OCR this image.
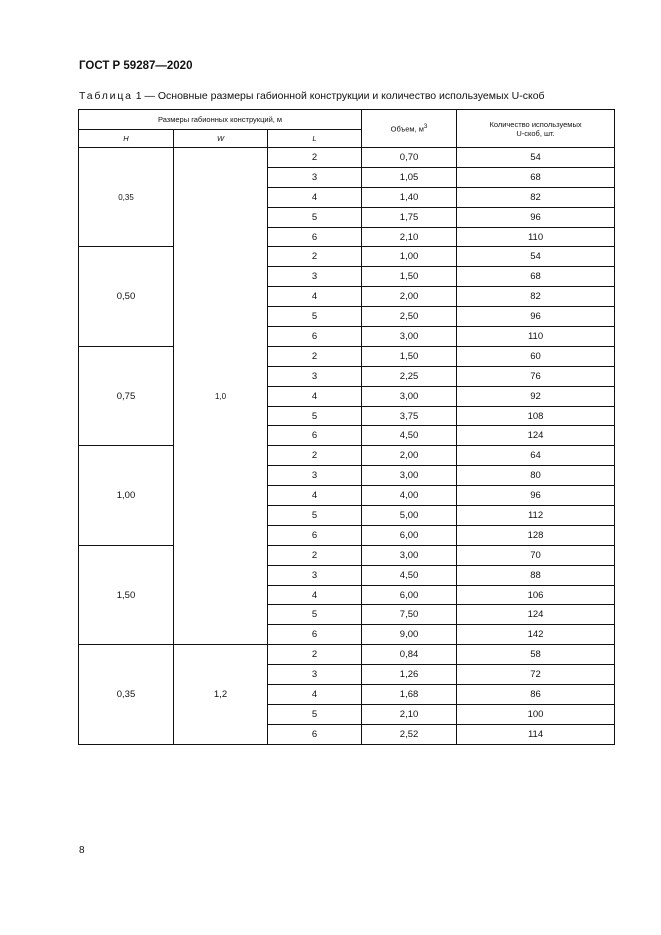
ГОСТ Р 59287—2020
Таблица 1 — Основные размеры габионной конструкции и количество используемых U-скоб
Размеры габионных конструкций, м			Объем, $м^3$	Количество используемых
U-скоб, шт.
H	W	L		
0,35	1,0	2	0,70	54
		3	1,05	68
		4	1,40	82
		5	1,75	96
		6	2,10	110
0,50		2	1,00	54
		3	1,50	68
		4	2,00	82
		5	2,50	96
		6	3,00	110
0,75		2	1,50	60
		3	2,25	76
		4	3,00	92
		5	3,75	108
		6	4,50	124
1,00		2	2,00	64
		3	3,00	80
		4	4,00	96
		5	5,00	112
		6	6,00	128
1,50		2	3,00	70
		3	4,50	88
		4	6,00	106
		5	7,50	124
		6	9,00	142
0,35	1,2	2	0,84	58
		3	1,26	72
		4	1,68	86
		5	2,10	100
		6	2,52	114
8
